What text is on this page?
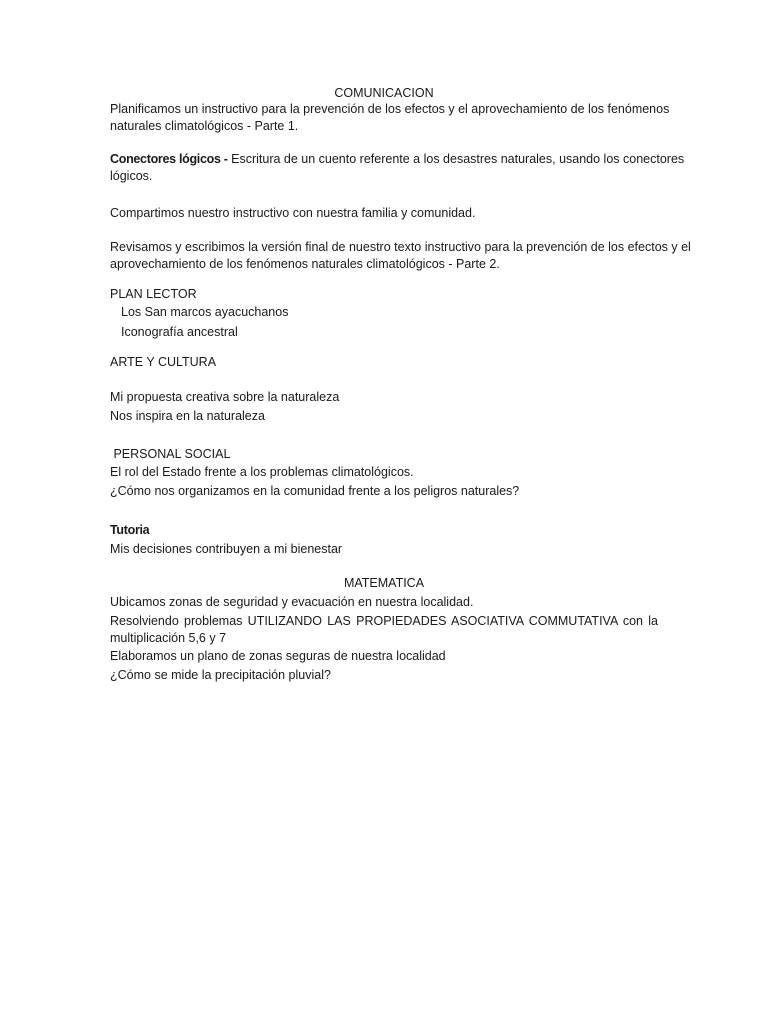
COMUNICACION
Planificamos un instructivo para la prevención de los efectos y el aprovechamiento de los fenómenos
naturales climatológicos - Parte 1.
Conectores lógicos - Escritura de un cuento referente a los desastres naturales, usando los conectores
lógicos.
Compartimos nuestro instructivo con nuestra familia y comunidad.
Revisamos y escribimos la versión final de nuestro texto instructivo para la prevención de los efectos y el
aprovechamiento de los fenómenos naturales climatológicos - Parte 2.
PLAN LECTOR
Los San marcos ayacuchanos
Iconografía ancestral
ARTE Y CULTURA
Mi propuesta creativa sobre la naturaleza
Nos inspira en la naturaleza
PERSONAL SOCIAL
El rol del Estado frente a los problemas climatológicos.
¿Cómo nos organizamos en la comunidad frente a los peligros naturales?
Tutoria
Mis decisiones contribuyen a mi bienestar
MATEMATICA
Ubicamos zonas de seguridad y evacuación en nuestra localidad.
Resolviendo problemas UTILIZANDO LAS PROPIEDADES ASOCIATIVA COMMUTATIVA con la multiplicación 5,6 y 7
Elaboramos un plano de zonas seguras de nuestra localidad
¿Cómo se mide la precipitación pluvial?
